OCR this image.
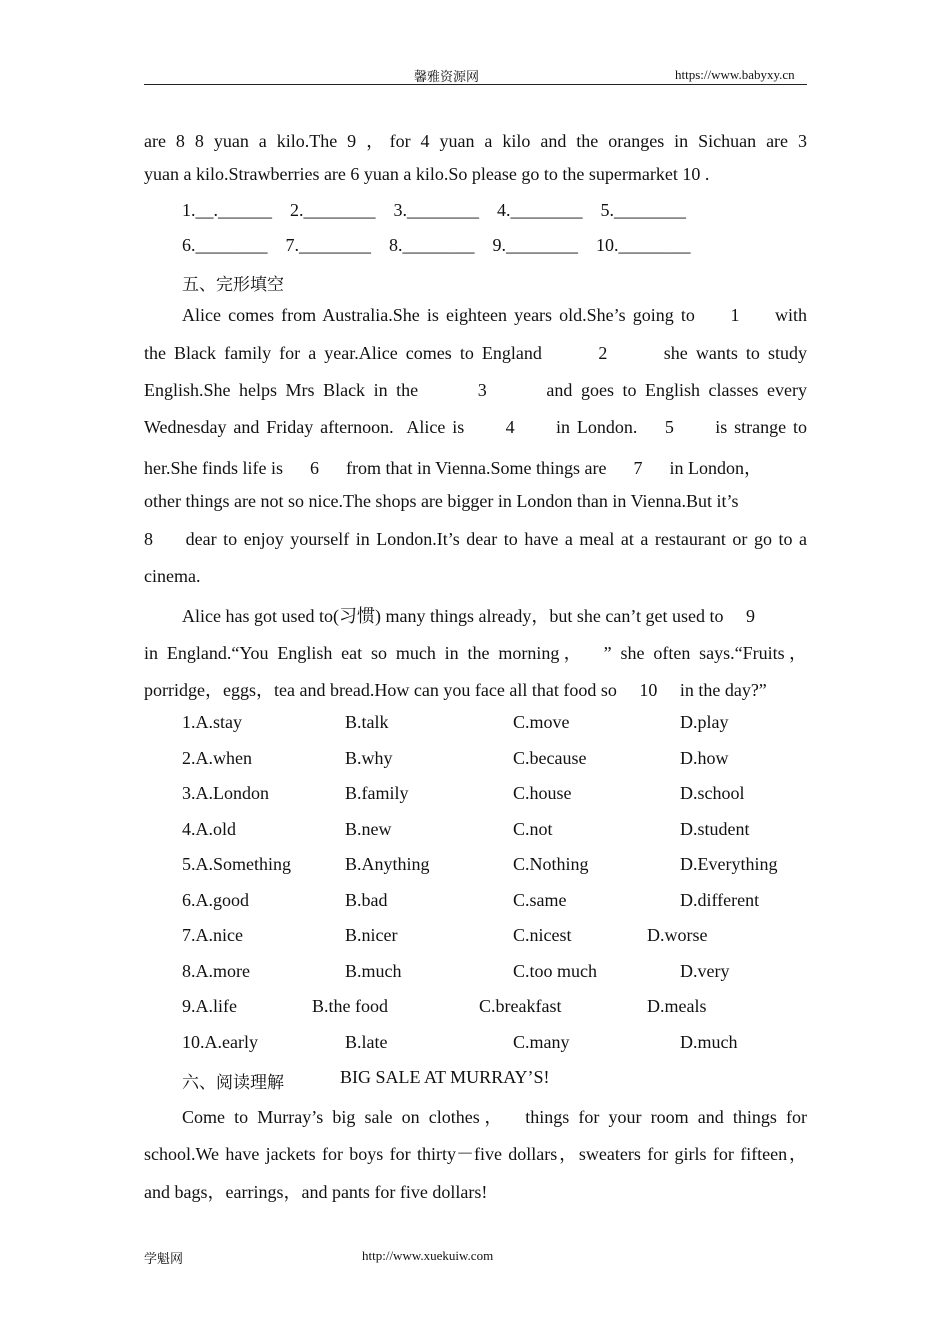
馨雅资源网	https://www.babyxy.cn
are 8 8 yuan a kilo.The 9 ，for 4 yuan a kilo and the oranges in Sichuan are 3
yuan a kilo.Strawberries are 6 yuan a kilo.So please go to the supermarket 10 .
1.__.______    2.________    3.________    4.________    5.________
6.________    7.________    8.________    9.________    10.________
五、完形填空
Alice comes from Australia.She is eighteen years old.She’s going to     1     with
the Black family for a year.Alice comes to England       2       she wants to study
English.She helps Mrs Black in the       3       and goes to English classes every
Wednesday and Friday afternoon.  Alice is      4      in London.    5      is strange to
her.She finds life is      6      from that in Vienna.Some things are      7      in London，
other things are not so nice.The shops are bigger in London than in Vienna.But it’s
8     dear to enjoy yourself in London.It’s dear to have a meal at a restaurant or go to a
cinema.
Alice has got used to(习惯) many things already，but she can’t get used to     9
in England.“You English eat so much in the morning，  ” she often says.“Fruits，
porridge，eggs，tea and bread.How can you face all that food so     10     in the day?”
1.A.stay	B.talk	C.move	D.play
2.A.when	B.why	C.because	D.how
3.A.London	B.family	C.house	D.school
4.A.old	B.new	C.not	D.student
5.A.Something	B.Anything	C.Nothing	D.Everything
6.A.good	B.bad	C.same	D.different
7.A.nice	B.nicer	C.nicest	D.worse
8.A.more	B.much	C.too much	D.very
9.A.life	B.the food	C.breakfast	D.meals
10.A.early	B.late	C.many	D.much
六、阅读理解	BIG SALE AT MURRAY’S!
Come to Murray’s big sale on clothes，  things for your room and things for
school.We have jackets for boys for thirty－five dollars，sweaters for girls for fifteen，
and bags，earrings，and pants for five dollars!
学魁网	http://www.xuekuiw.com
